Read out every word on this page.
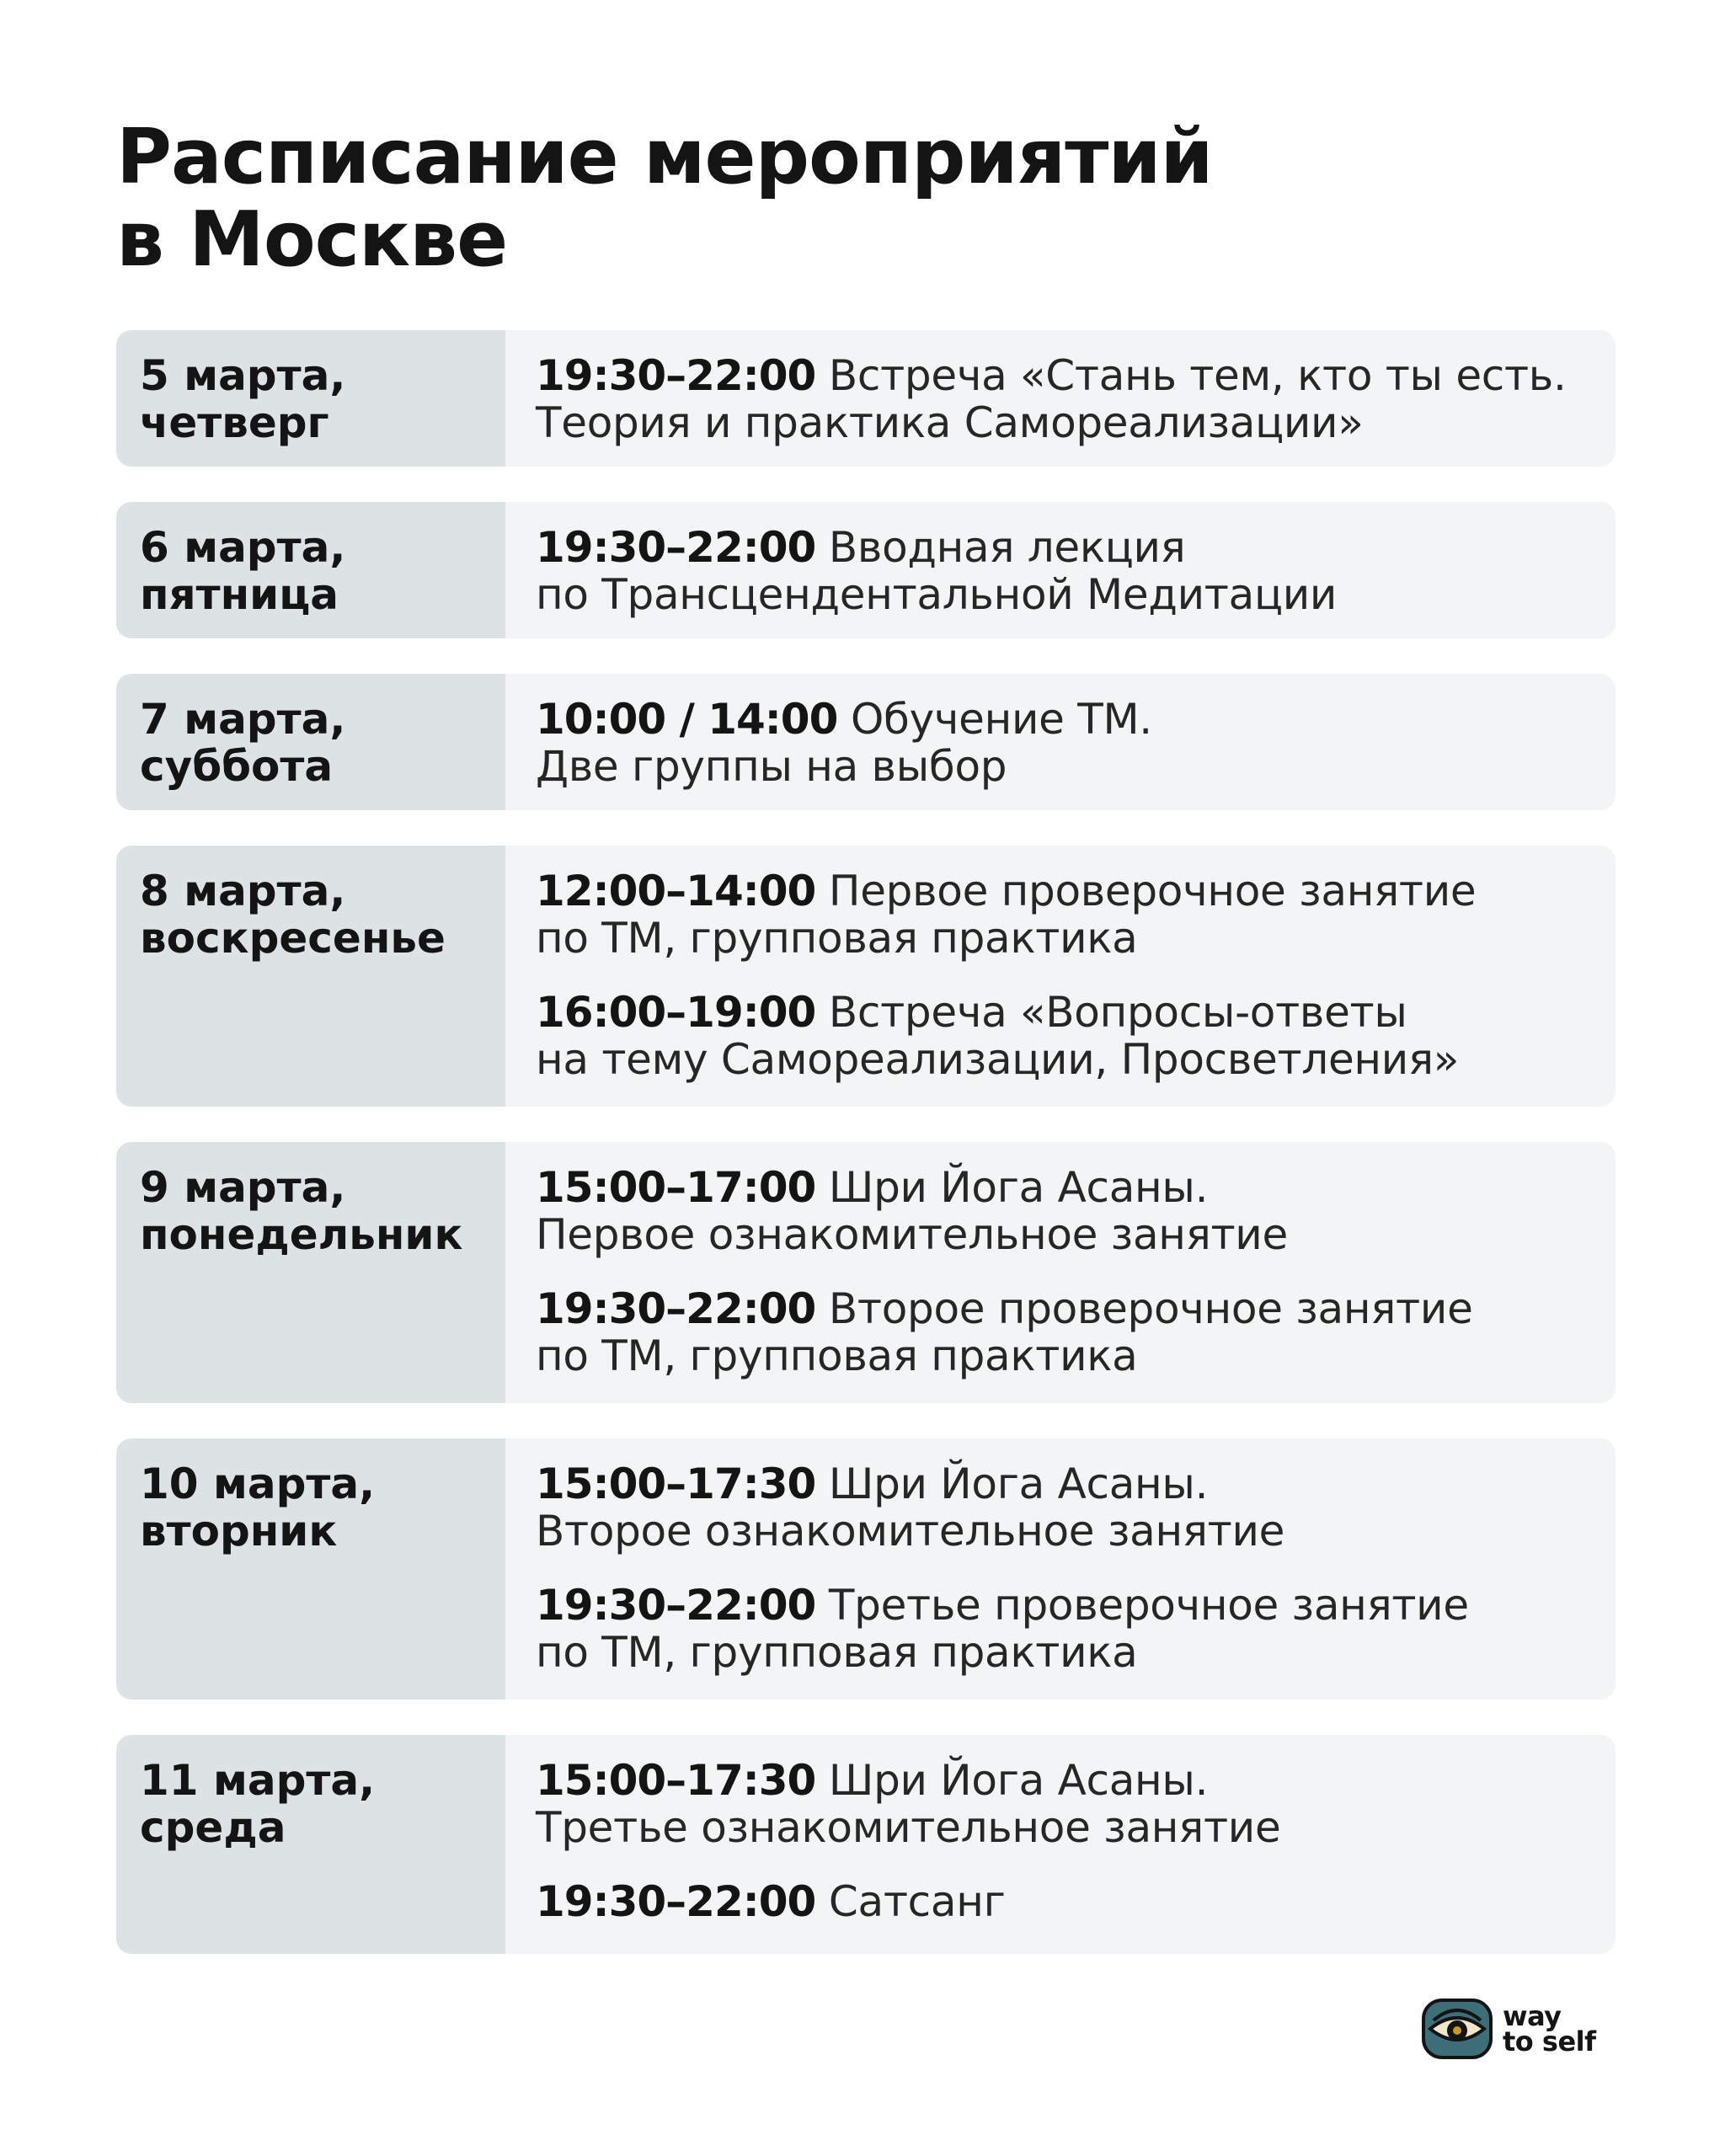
Расписание мероприятий
в Москве
5 марта,
четверг
19:30–22:00 Встреча «Стань тем, кто ты есть.
Теория и практика Самореализации»
6 марта,
пятница
19:30–22:00 Вводная лекция
по Трансцендентальной Медитации
7 марта,
суббота
10:00 / 14:00 Обучение ТМ.
Две группы на выбор
8 марта,
воскресенье
12:00–14:00 Первое проверочное занятие
по ТМ, групповая практика
16:00–19:00 Встреча «Вопросы-ответы
на тему Самореализации, Просветления»
9 марта,
понедельник
15:00–17:00 Шри Йога Асаны.
Первое ознакомительное занятие
19:30–22:00 Второе проверочное занятие
по ТМ, групповая практика
10 марта,
вторник
15:00–17:30 Шри Йога Асаны.
Второе ознакомительное занятие
19:30–22:00 Третье проверочное занятие
по ТМ, групповая практика
11 марта,
среда
15:00–17:30 Шри Йога Асаны.
Третье ознакомительное занятие
19:30–22:00 Сатсанг
way
to self
